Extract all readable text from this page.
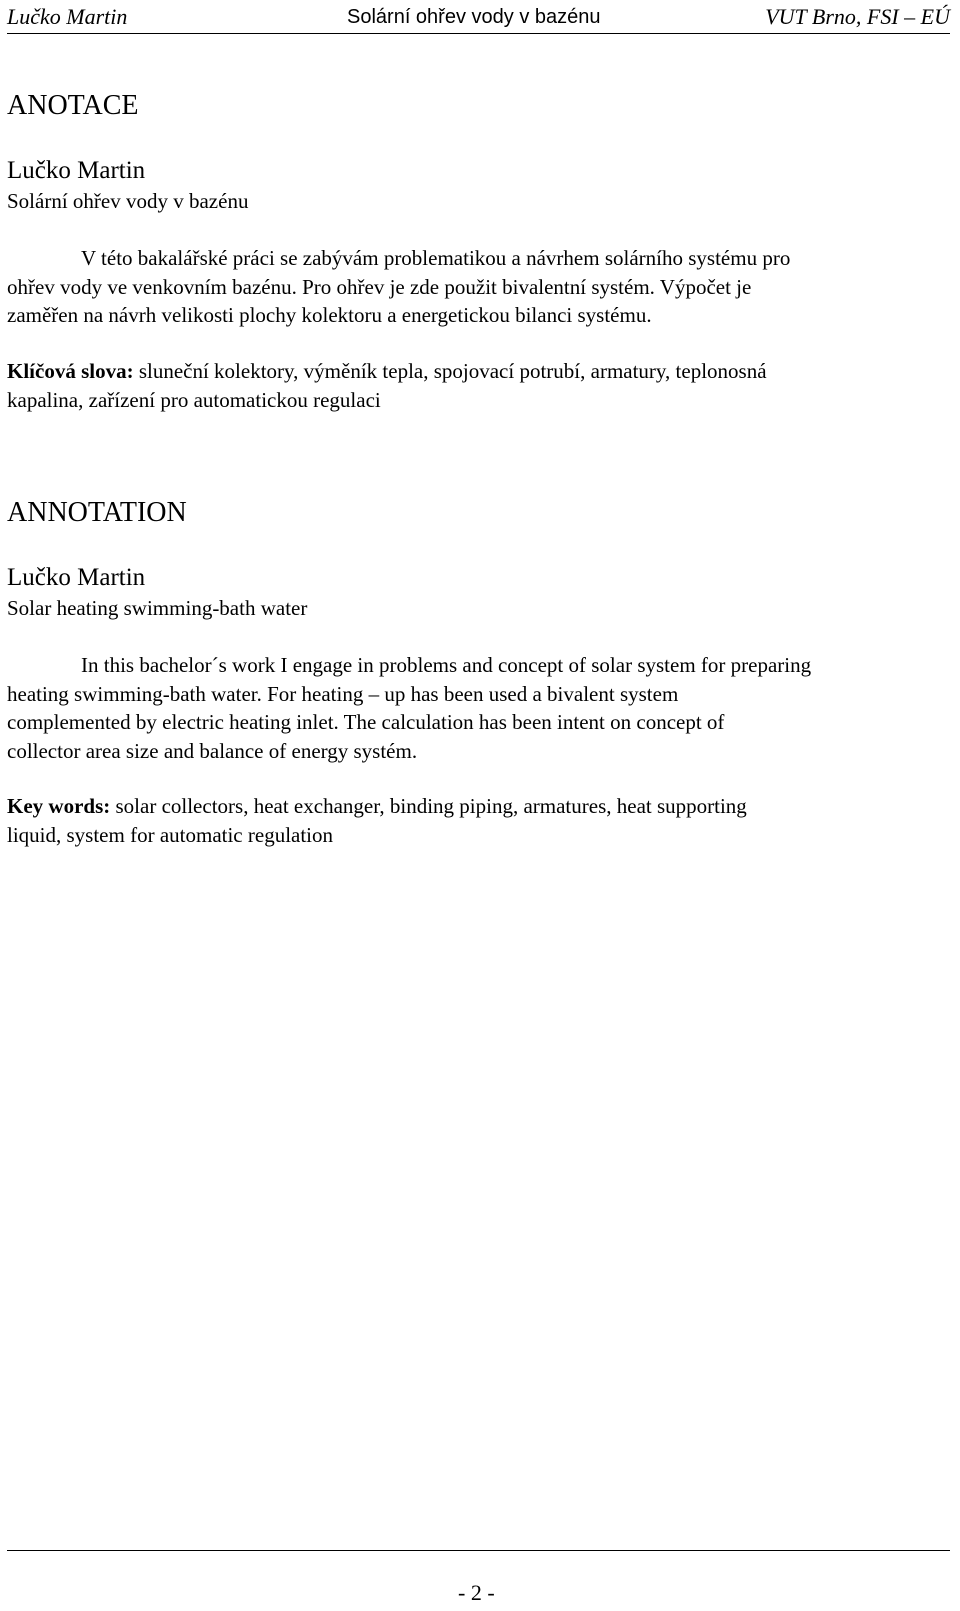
Lučko Martin	Solární ohřev vody v bazénu	VUT Brno, FSI – EÚ
ANOTACE
Lučko Martin
Solární ohřev vody v bazénu
V této bakalářské práci se zabývám problematikou a návrhem solárního systému pro
ohřev vody ve venkovním bazénu. Pro ohřev je zde použit bivalentní systém. Výpočet je
zaměřen na návrh velikosti plochy kolektoru a energetickou bilanci systému.
Klíčová slova: sluneční kolektory, výměník tepla, spojovací potrubí, armatury, teplonosná
kapalina, zařízení pro automatickou regulaci
ANNOTATION
Lučko Martin
Solar heating swimming-bath water
In this bachelor´s work I engage in problems and concept of solar system for preparing
heating swimming-bath water. For heating – up has been used a bivalent system
complemented by electric heating inlet. The calculation has been intent on concept of
collector area size and balance of energy systém.
Key words: solar collectors, heat exchanger, binding piping, armatures, heat supporting
liquid, system for automatic regulation
- 2 -
